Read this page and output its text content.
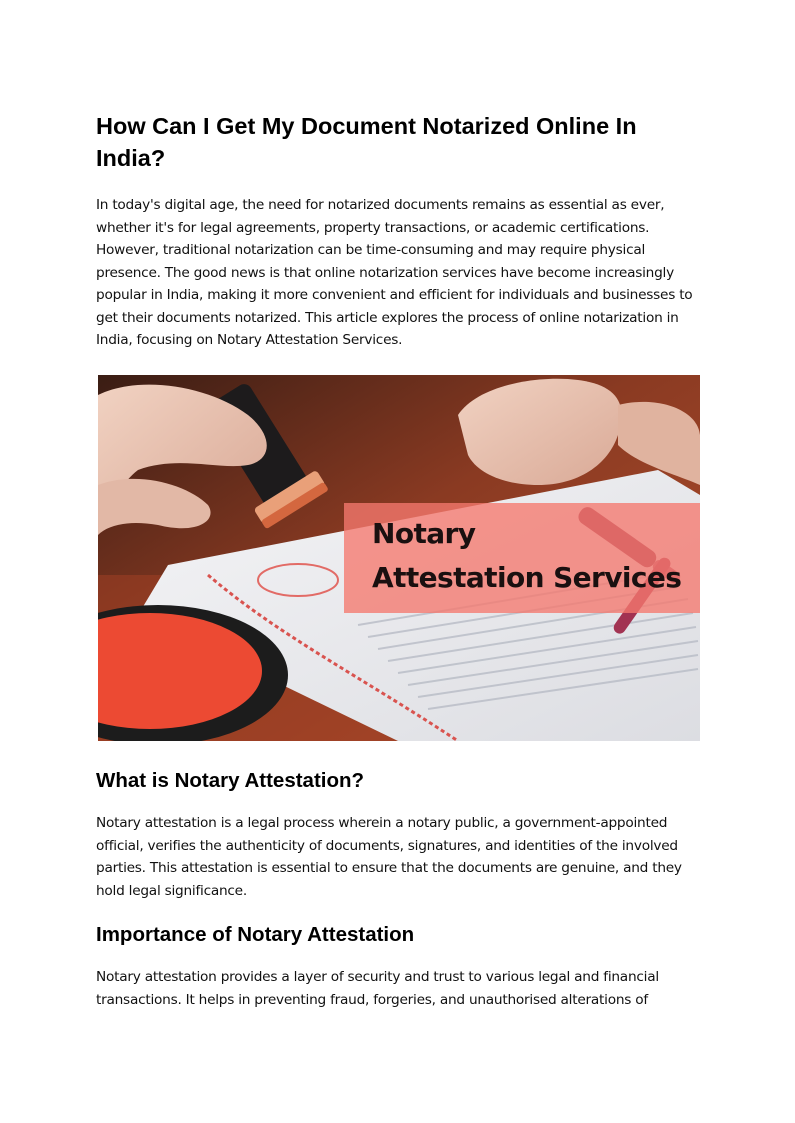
How Can I Get My Document Notarized Online In India?

In today's digital age, the need for notarized documents remains as essential as ever, whether it's for legal agreements, property transactions, or academic certifications. However, traditional notarization can be time-consuming and may require physical presence. The good news is that online notarization services have become increasingly popular in India, making it more convenient and efficient for individuals and businesses to get their documents notarized. This article explores the process of online notarization in India, focusing on Notary Attestation Services.

Notary

Attestation Services

What is Notary Attestation?

Notary attestation is a legal process wherein a notary public, a government-appointed official, verifies the authenticity of documents, signatures, and identities of the involved parties. This attestation is essential to ensure that the documents are genuine, and they hold legal significance.

Importance of Notary Attestation

Notary attestation provides a layer of security and trust to various legal and financial transactions. It helps in preventing fraud, forgeries, and unauthorised alterations of
